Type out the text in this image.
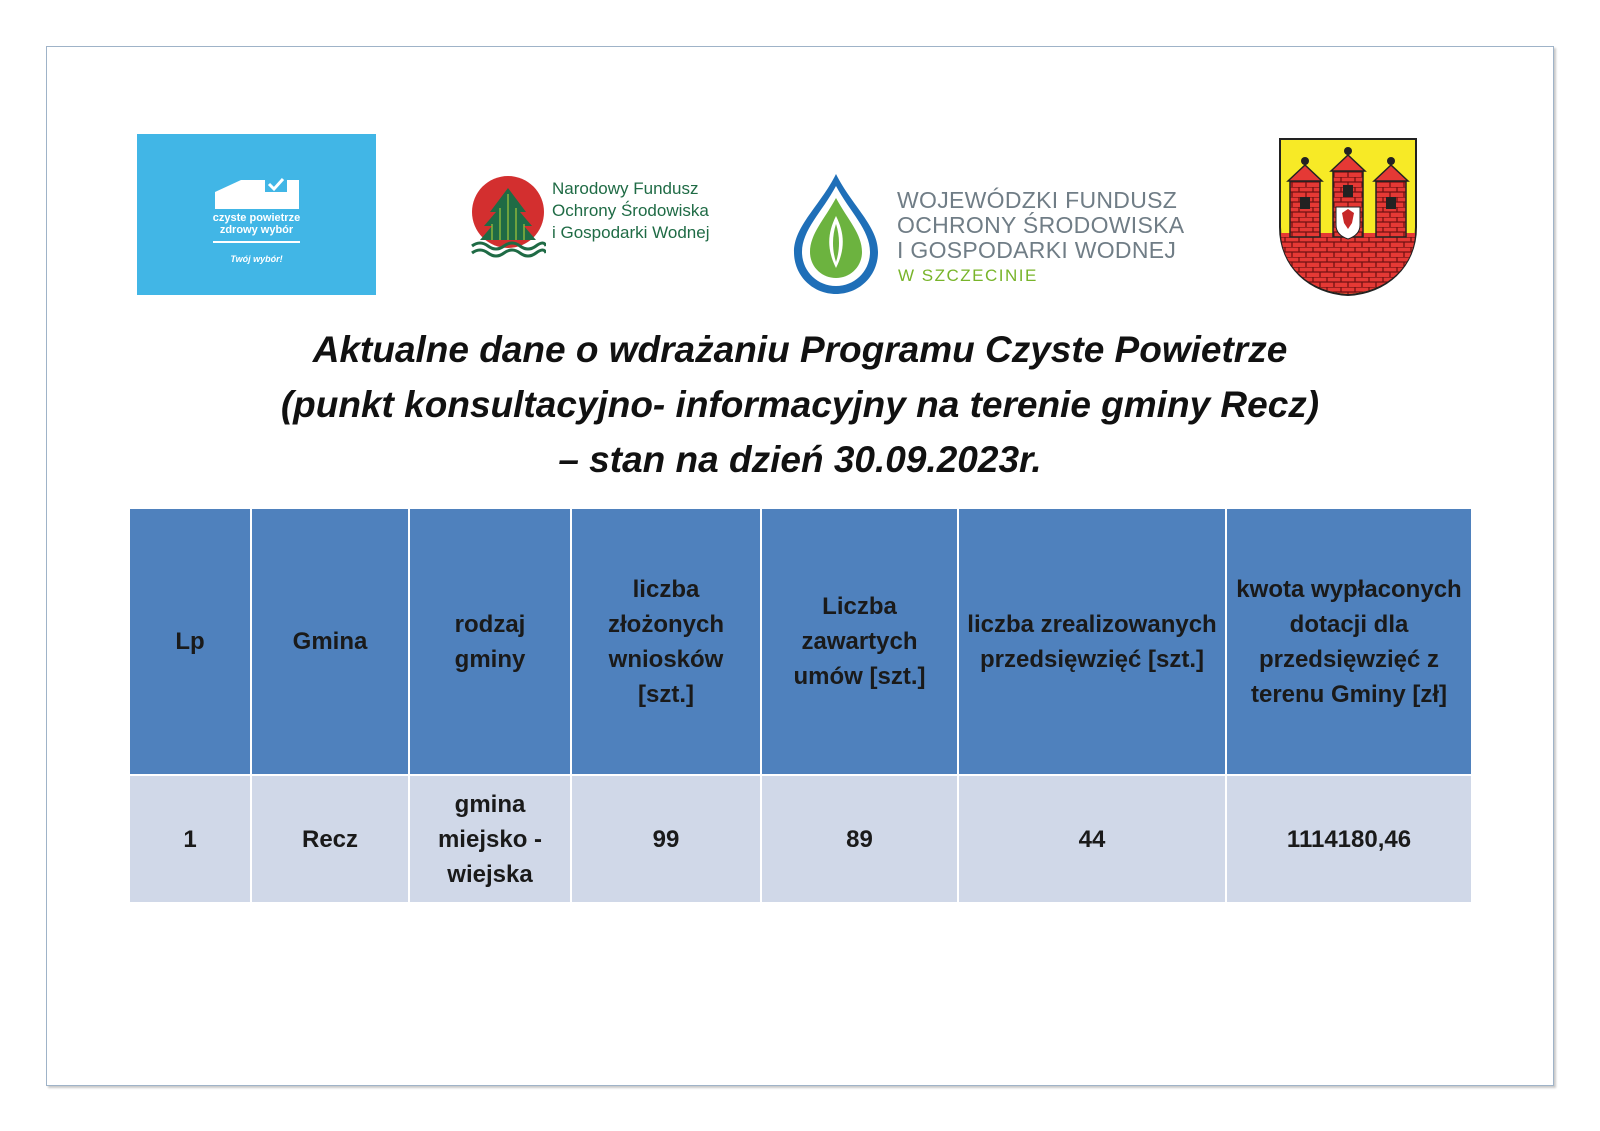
czyste powietrze
zdrowy wybór
Twój wybór!
Narodowy Fundusz
Ochrony Środowiska
i Gospodarki Wodnej
WOJEWÓDZKI FUNDUSZ
OCHRONY ŚRODOWISKA
I GOSPODARKI WODNEJ
W SZCZECINIE
Aktualne dane o wdrażaniu Programu Czyste Powietrze
(punkt konsultacyjno- informacyjny na terenie gminy Recz)
– stan na dzień 30.09.2023r.
Lp	Gmina	rodzaj gminy	liczba złożonych wniosków [szt.]	Liczba zawartych umów [szt.]	liczba zrealizowanych przedsięwzięć [szt.]	kwota wypłaconych dotacji dla przedsięwzięć z terenu Gminy [zł]
1	Recz	gmina miejsko - wiejska	99	89	44	1114180,46
